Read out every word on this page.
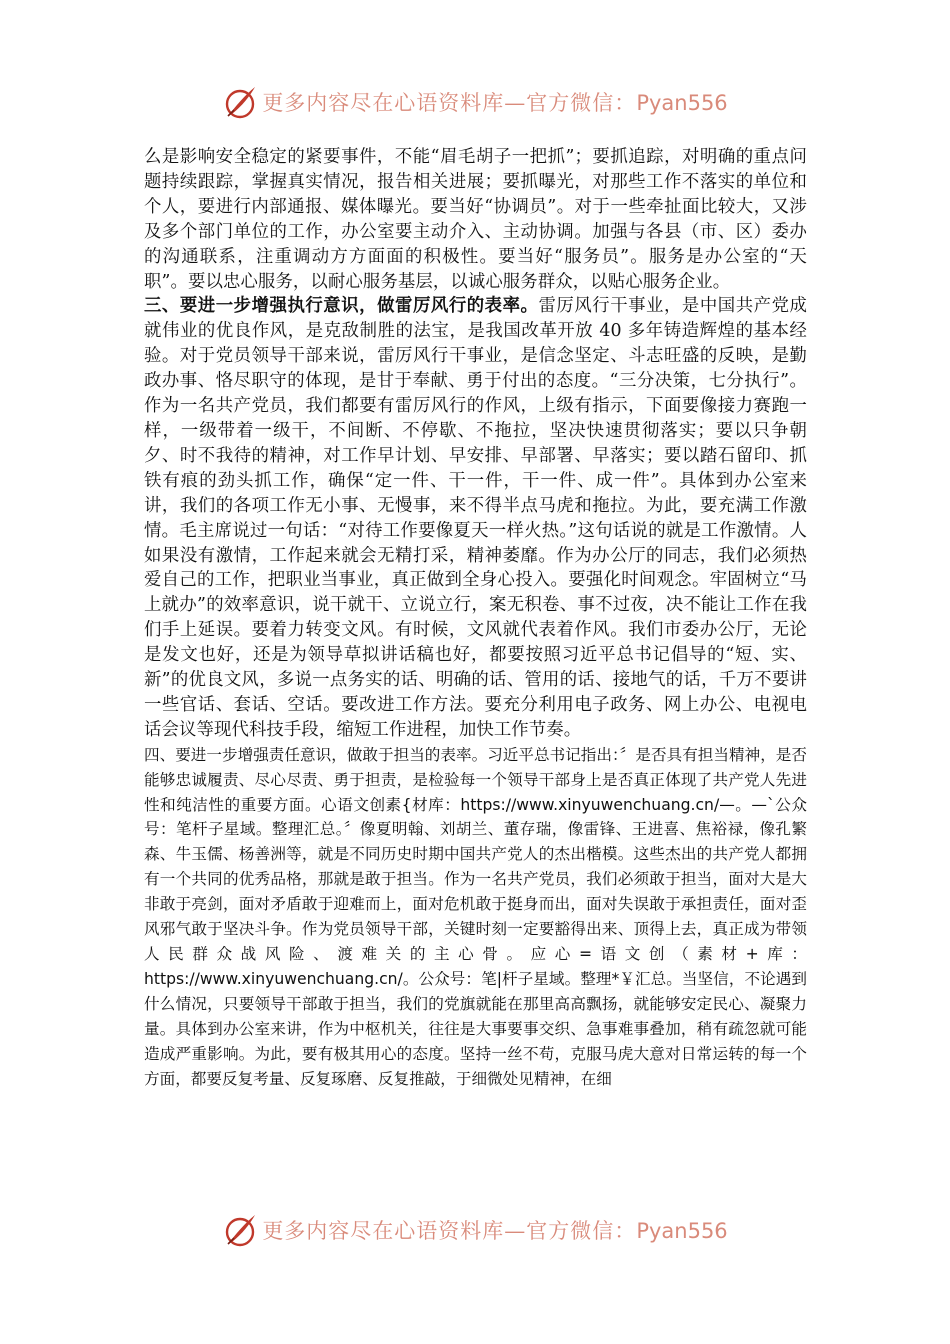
更多内容尽在心语资料库—官方微信：Pyan556

么是影响安全稳定的紧要事件，不能“眉毛胡子一把抓”；要抓追踪，对明确的重点问题持续跟踪，掌握真实情况，报告相关进展；要抓曝光，对那些工作不落实的单位和个人，要进行内部通报、媒体曝光。要当好“协调员”。对于一些牵扯面比较大，又涉及多个部门单位的工作，办公室要主动介入、主动协调。加强与各县（市、区）委办的沟通联系，注重调动方方面面的积极性。要当好“服务员”。服务是办公室的“天职”。要以忠心服务，以耐心服务基层，以诚心服务群众，以贴心服务企业。

三、要进一步增强执行意识，做雷厉风行的表率。雷厉风行干事业，是中国共产党成就伟业的优良作风，是克敌制胜的法宝，是我国改革开放 40 多年铸造辉煌的基本经验。对于党员领导干部来说，雷厉风行干事业，是信念坚定、斗志旺盛的反映，是勤政办事、恪尽职守的体现，是甘于奉献、勇于付出的态度。“三分决策，七分执行”。作为一名共产党员，我们都要有雷厉风行的作风，上级有指示，下面要像接力赛跑一样，一级带着一级干，不间断、不停歇、不拖拉，坚决快速贯彻落实；要以只争朝夕、时不我待的精神，对工作早计划、早安排、早部署、早落实；要以踏石留印、抓铁有痕的劲头抓工作，确保“定一件、干一件，干一件、成一件”。具体到办公室来讲，我们的各项工作无小事、无慢事，来不得半点马虎和拖拉。为此，要充满工作激情。毛主席说过一句话：“对待工作要像夏天一样火热。”这句话说的就是工作激情。人如果没有激情，工作起来就会无精打采，精神萎靡。作为办公厅的同志，我们必须热爱自己的工作，把职业当事业，真正做到全身心投入。要强化时间观念。牢固树立“马上就办”的效率意识，说干就干、立说立行，案无积卷、事不过夜，决不能让工作在我们手上延误。要着力转变文风。有时候，文风就代表着作风。我们市委办公厅，无论是发文也好，还是为领导草拟讲话稿也好，都要按照习近平总书记倡导的“短、实、新”的优良文风，多说一点务实的话、明确的话、管用的话、接地气的话，千万不要讲一些官话、套话、空话。要改进工作方法。要充分利用电子政务、网上办公、电视电话会议等现代科技手段，缩短工作进程，加快工作节奏。

四、要进一步增强责任意识，做敢于担当的表率。习近平总书记指出：〞是否具有担当精神，是否能够忠诚履责、尽心尽责、勇于担责，是检验每一个领导干部身上是否真正体现了共产党人先进性和纯洁性的重要方面。心语文创素{材库：https://www.xinyuwenchuang.cn/—。—`公众号：笔杆子星域。整理汇总。〞像夏明翰、刘胡兰、董存瑞，像雷锋、王进喜、焦裕禄，像孔繁森、牛玉儒、杨善洲等，就是不同历史时期中国共产党人的杰出楷模。这些杰出的共产党人都拥有一个共同的优秀品格，那就是敢于担当。作为一名共产党员，我们必须敢于担当，面对大是大非敢于亮剑，面对矛盾敢于迎难而上，面对危机敢于挺身而出，面对失误敢于承担责任，面对歪风邪气敢于坚决斗争。作为党员领导干部，关键时刻一定要豁得出来、顶得上去，真正成为带领人民群众战风险、渡难关的主心骨。应心=语文创（素材+库：https://www.xinyuwenchuang.cn/。公众号：笔|杆子星域。整理*￥汇总。当坚信，不论遇到什么情况，只要领导干部敢于担当，我们的党旗就能在那里高高飘扬，就能够安定民心、凝聚力量。具体到办公室来讲，作为中枢机关，往往是大事要事交织、急事难事叠加，稍有疏忽就可能造成严重影响。为此，要有极其用心的态度。坚持一丝不苟，克服马虎大意对日常运转的每一个方面，都要反复考量、反复琢磨、反复推敲，于细微处见精神，在细

更多内容尽在心语资料库—官方微信：Pyan556
